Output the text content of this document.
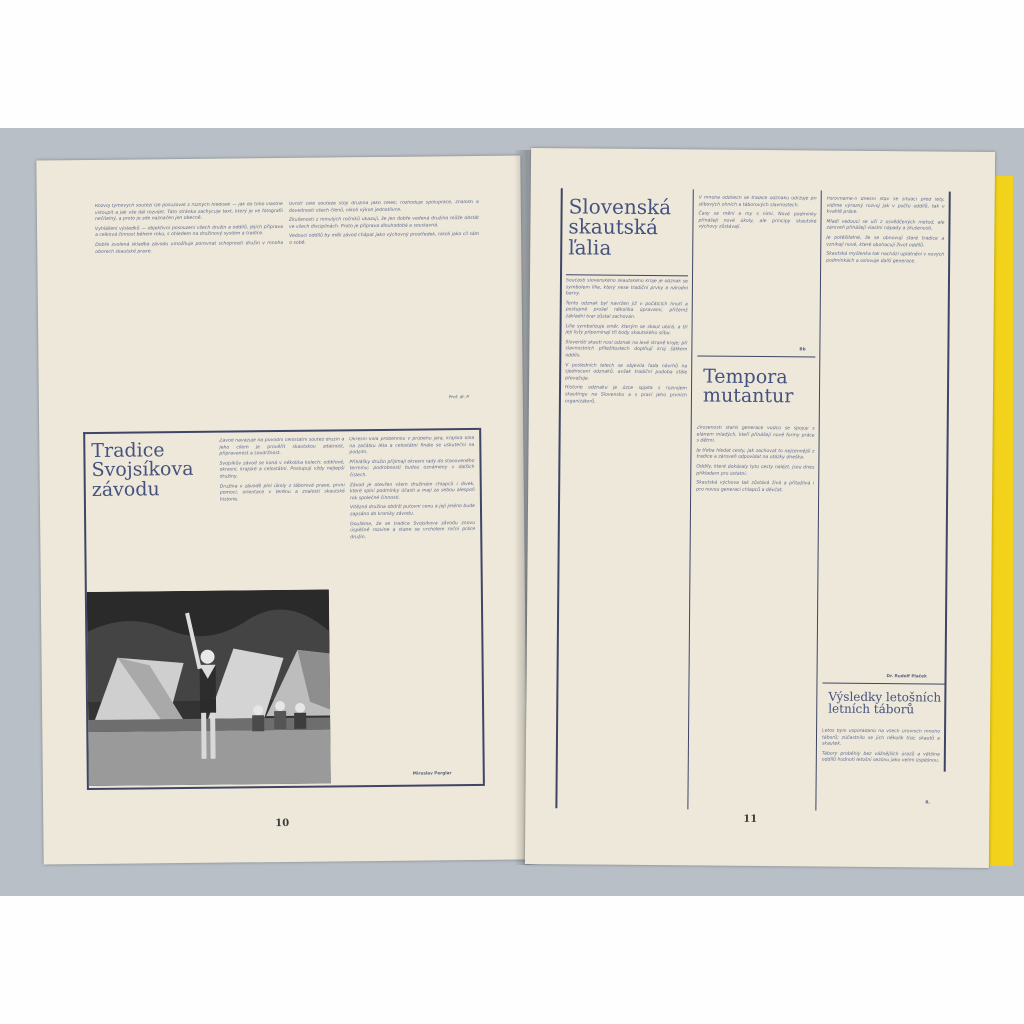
Rozvoj týmových soutěží lze posuzovat z různých hledisek — jak do toho vlastně vstoupit a jak vše dál rozvíjet. Tato stránka zachycuje text, který je ve fotografii nečitelný, a proto je zde naznačen jen obecně.

Vyhlášení výsledků — objektivní posouzení všech družin a oddílů, jejich příprava a celková činnost během roku, s ohledem na družinový systém a tradice.

Dobře zvolená skladba závodu umožňuje porovnat schopnosti družin v mnoha oborech skautské praxe.

Uvnitř celé soutěže stojí družina jako celek; rozhoduje spolupráce, znalosti a dovednosti všech členů, nikoli výkon jednotlivce.

Zkušenosti z minulých ročníků ukazují, že jen dobře vedená družina může obstát ve všech disciplínách. Proto je příprava dlouhodobá a soustavná.

Vedoucí oddílů by měli závod chápat jako výchovný prostředek, nikoli jako cíl sám o sobě.

Prof. dr. P.
Tradice Svojsíkova závodu

Závod navazuje na původní celostátní soutěž družin a jeho cílem je prověřit skautskou zdatnost, připravenost a soudržnost.

Svojsíkův závod se koná v několika kolech: oddílové, okresní, krajské a celostátní. Postupují vždy nejlepší družiny.

Družina v závodě plní úkoly z táborové praxe, první pomoci, orientace v terénu a znalostí skautské historie.

Okresní kola proběhnou v průběhu jara, krajská kola na začátku léta a celostátní finále se uskuteční na podzim.

Přihlášky družin přijímají okresní rady do stanoveného termínu; podrobnosti budou oznámeny v dalších číslech.

Závod je otevřen všem družinám chlapců i dívek, které splní podmínky účasti a mají za sebou alespoň rok společné činnosti.

Vítězná družina obdrží putovní cenu a její jméno bude zapsáno do kroniky závodu.

Doufáme, že se tradice Svojsíkova závodu znovu úspěšně rozvine a stane se vrcholem roční práce družin.

Miroslav Perglar
10
Slovenská skautská ľalia

Součástí slovenského skautského kroje je odznak se symbolem lilie, který nese tradiční prvky a národní barvy.

Tento odznak byl navržen již v počátcích hnutí a postupně prošel několika úpravami, přičemž základní tvar zůstal zachován.

Lilie symbolizuje směr, kterým se skaut ubírá, a tři její listy připomínají tři body skautského slibu.

Slovenští skauti nosí odznak na levé straně kroje; při slavnostních příležitostech doplňují kroj šátkem oddílu.

V posledních letech se objevila řada návrhů na sjednocení odznaků, avšak tradiční podoba stále převažuje.

Historie odznaku je úzce spjata s rozvojem skautingu na Slovensku a s prací jeho prvních organizátorů.

V mnoha oddílech se tradice odznaku udržuje při slibových ohních a táborových slavnostech.

Časy se mění a my s nimi. Nové podmínky přinášejí nové úkoly, ale principy skautské výchovy zůstávají.

Bb
Tempora mutantur

Zkušenosti starší generace vůdců se spojují s elánem mladých, kteří přinášejí nové formy práce s dětmi.

Je třeba hledat cesty, jak zachovat to nejcennější z tradice a zároveň odpovídat na otázky dneška.

Oddíly, které dokázaly tyto cesty nalézt, jsou dnes příkladem pro ostatní.

Skautská výchova tak zůstává živá a přitažlivá i pro novou generaci chlapců a děvčat.

Porovnáme-li dnešní stav se situací před lety, vidíme výrazný rozvoj jak v počtu oddílů, tak v kvalitě práce.

Mladí vedoucí se učí z osvědčených metod, ale zároveň přinášejí vlastní nápady a zkušenosti.

Je potěšitelné, že se obnovují staré tradice a vznikají nové, které obohacují život oddílů.

Skautská myšlenka tak nachází uplatnění v nových podmínkách a oslovuje další generace.

Dr. Rudolf Plaček
Výsledky letošních letních táborů

Letos bylo uspořádáno na všech úrovních mnoho táborů; zúčastnilo se jich několik tisíc skautů a skautek.

Tábory proběhly bez vážnějších úrazů a většina oddílů hodnotí letošní sezónu jako velmi úspěšnou.

R.
11
